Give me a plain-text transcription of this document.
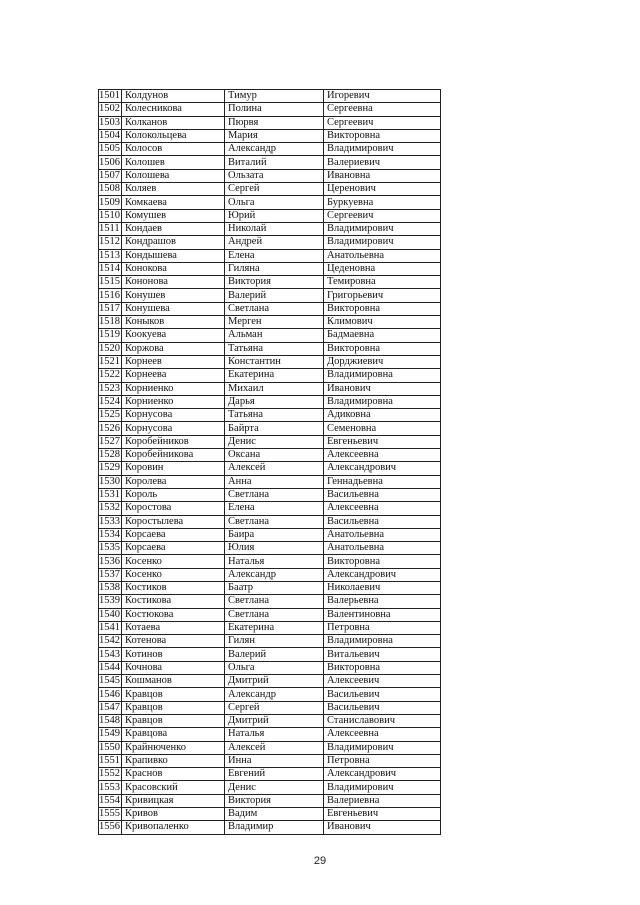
1501	Колдунов	Тимур	Игоревич
1502	Колесникова	Полина	Сергеевна
1503	Колканов	Пюрвя	Сергеевич
1504	Колокольцева	Мария	Викторовна
1505	Колосов	Александр	Владимирович
1506	Колошев	Виталий	Валериевич
1507	Колошева	Ользата	Ивановна
1508	Коляев	Сергей	Церенович
1509	Комкаева	Ольга	Буркуевна
1510	Комушев	Юрий	Сергеевич
1511	Кондаев	Николай	Владимирович
1512	Кондрашов	Андрей	Владимирович
1513	Кондышева	Елена	Анатольевна
1514	Конокова	Гиляна	Цеденовна
1515	Кононова	Виктория	Темировна
1516	Конушев	Валерий	Григорьевич
1517	Конушева	Светлана	Викторовна
1518	Коныков	Мерген	Климович
1519	Коокуева	Альман	Бадмаевна
1520	Коржова	Татьяна	Викторовна
1521	Корнеев	Константин	Дорджиевич
1522	Корнеева	Екатерина	Владимировна
1523	Корниенко	Михаил	Иванович
1524	Корниенко	Дарья	Владимировна
1525	Корнусова	Татьяна	Адиковна
1526	Корнусова	Байрта	Семеновна
1527	Коробейников	Денис	Евгеньевич
1528	Коробейникова	Оксана	Алексеевна
1529	Коровин	Алексей	Александрович
1530	Королева	Анна	Геннадьевна
1531	Король	Светлана	Васильевна
1532	Коростова	Елена	Алексеевна
1533	Коростылева	Светлана	Васильевна
1534	Корсаева	Баира	Анатольевна
1535	Корсаева	Юлия	Анатольевна
1536	Косенко	Наталья	Викторовна
1537	Косенко	Александр	Александрович
1538	Костиков	Баатр	Николаевич
1539	Костикова	Светлана	Валерьевна
1540	Костюкова	Светлана	Валентиновна
1541	Котаева	Екатерина	Петровна
1542	Котенова	Гилян	Владимировна
1543	Котинов	Валерий	Витальевич
1544	Кочнова	Ольга	Викторовна
1545	Кошманов	Дмитрий	Алексеевич
1546	Кравцов	Александр	Васильевич
1547	Кравцов	Сергей	Васильевич
1548	Кравцов	Дмитрий	Станиславович
1549	Кравцова	Наталья	Алексеевна
1550	Крайнюченко	Алексей	Владимирович
1551	Крапивко	Инна	Петровна
1552	Краснов	Евгений	Александрович
1553	Красовский	Денис	Владимирович
1554	Кривицкая	Виктория	Валериевна
1555	Кривов	Вадим	Евгеньевич
1556	Кривопаленко	Владимир	Иванович
29
